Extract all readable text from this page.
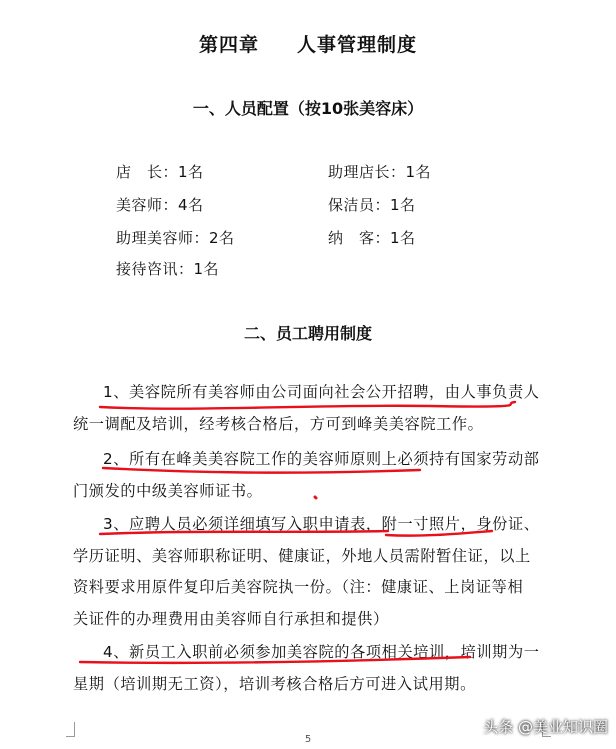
第四章 人事管理制度
一、人员配置（按10张美容床）
店　长：1名	助理店长：1名
美容师：4名	保洁员：1名
助理美容师：2名	纳　客：1名
接待咨讯：1名
二、员工聘用制度
1、美容院所有美容师由公司面向社会公开招聘，由人事负责人
统一调配及培训，经考核合格后，方可到峰美美容院工作。
2、所有在峰美美容院工作的美容师原则上必须持有国家劳动部
门颁发的中级美容师证书。
3、应聘人员必须详细填写入职申请表，附一寸照片，身份证、
学历证明、美容师职称证明、健康证，外地人员需附暂住证，以上
资料要求用原件复印后美容院执一份。（注：健康证、上岗证等相
关证件的办理费用由美容师自行承担和提供）
4、新员工入职前必须参加美容院的各项相关培训，培训期为一
星期（培训期无工资），培训考核合格后方可进入试用期。
5
头条 @美业知识圈
